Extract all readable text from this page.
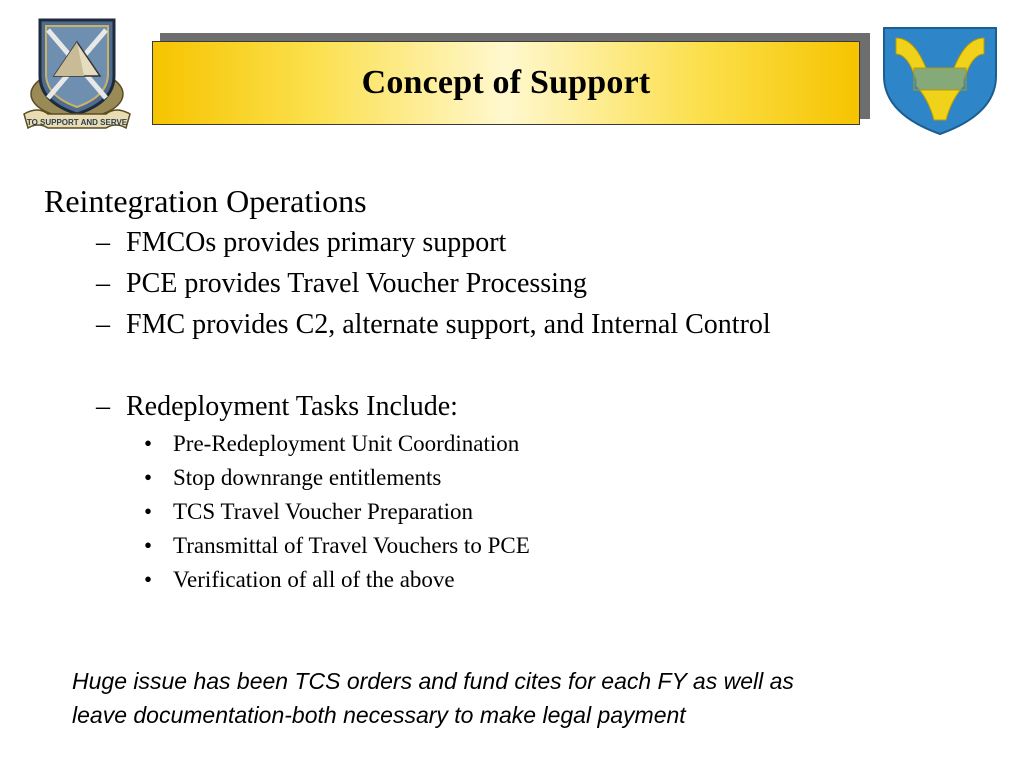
TO SUPPORT AND SERVE
Concept of Support

Reintegration Operations

– FMCOs provides primary support
– PCE provides Travel Voucher Processing
– FMC provides C2, alternate support, and Internal Control
– Redeployment Tasks Include:
• Pre-Redeployment Unit Coordination
• Stop downrange entitlements
• TCS Travel Voucher Preparation
• Transmittal of Travel Vouchers to PCE
• Verification of all of the above
Huge issue has been TCS orders and fund cites for each FY as well as
leave documentation-both necessary to make legal payment
